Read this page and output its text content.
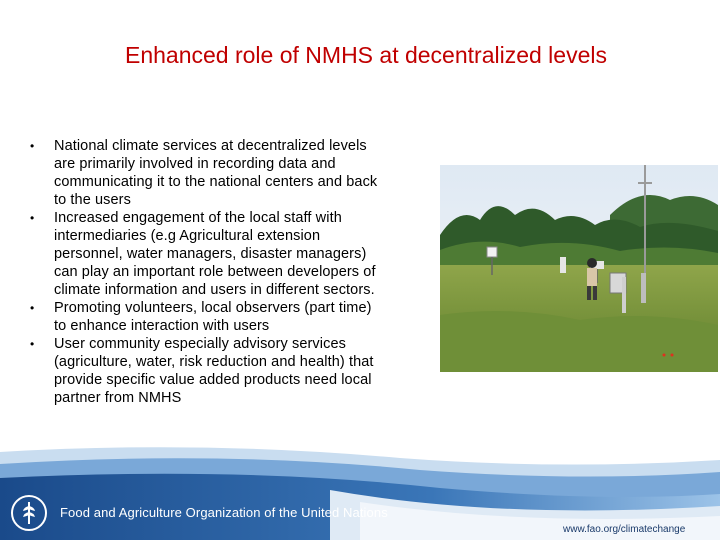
Enhanced role of NMHS at decentralized levels
• National climate services at decentralized levels
are primarily involved in recording data and
communicating it to the national centers and back
to the users
• Increased engagement of the local staff with
intermediaries (e.g Agricultural extension
personnel, water managers, disaster managers)
can play an important role between developers of
climate information and users in different sectors.
• Promoting volunteers, local observers (part time)
to enhance interaction with users
• User community especially advisory services
(agriculture, water, risk reduction and health) that
provide specific value added products need local
partner from NMHS
Food and Agriculture Organization of the United Nations
www.fao.org/climatechange
